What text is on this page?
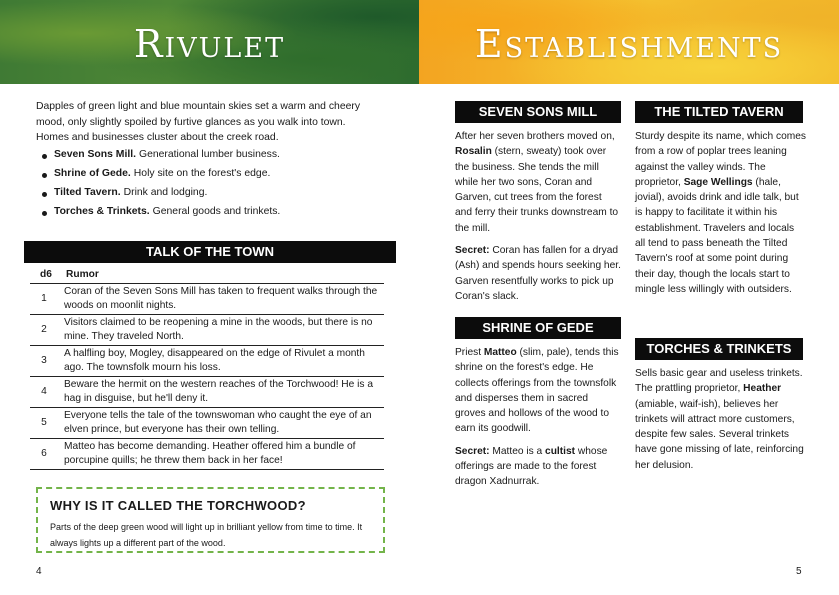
Rivulet

Dapples of green light and blue mountain skies set a warm and cheery mood, only slightly spoiled by furtive glances as you walk into town. Homes and businesses cluster about the creek road.

Seven Sons Mill. Generational lumber business.
Shrine of Gede. Holy site on the forest's edge.
Tilted Tavern. Drink and lodging.
Torches & Trinkets. General goods and trinkets.
TALK OF THE TOWN
d6	Rumor
1	Coran of the Seven Sons Mill has taken to frequent walks through the woods on moonlit nights.
2	Visitors claimed to be reopening a mine in the woods, but there is no mine. They traveled North.
3	A halfling boy, Mogley, disappeared on the edge of Rivulet a month ago. The townsfolk mourn his loss.
4	Beware the hermit on the western reaches of the Torchwood! He is a hag in disguise, but he'll deny it.
5	Everyone tells the tale of the townswoman who caught the eye of an elven prince, but everyone has their own telling.
6	Matteo has become demanding. Heather offered him a bundle of porcupine quills; he threw them back in her face!
WHY IS IT CALLED THE TORCHWOOD?
Parts of the deep green wood will light up in brilliant yellow from time to time. It always lights up a different part of the wood.
4
Establishments
SEVEN SONS MILL

After her seven brothers moved on, Rosalin (stern, sweaty) took over the business. She tends the mill while her two sons, Coran and Garven, cut trees from the forest and ferry their trunks downstream to the mill.

Secret: Coran has fallen for a dryad (Ash) and spends hours seeking her. Garven resentfully works to pick up Coran's slack.

SHRINE OF GEDE

Priest Matteo (slim, pale), tends this shrine on the forest's edge. He collects offerings from the townsfolk and disperses them in sacred groves and hollows of the wood to earn its goodwill.

Secret: Matteo is a cultist whose offerings are made to the forest dragon Xadnurrak.

THE TILTED TAVERN

Sturdy despite its name, which comes from a row of poplar trees leaning against the valley winds. The proprietor, Sage Wellings (hale, jovial), avoids drink and idle talk, but is happy to facilitate it within his establishment. Travelers and locals all tend to pass beneath the Tilted Tavern's roof at some point during their day, though the locals start to mingle less willingly with outsiders.

TORCHES & TRINKETS

Sells basic gear and useless trinkets. The prattling proprietor, Heather (amiable, waif-ish), believes her trinkets will attract more customers, despite few sales. Several trinkets have gone missing of late, reinforcing her delusion.

5
